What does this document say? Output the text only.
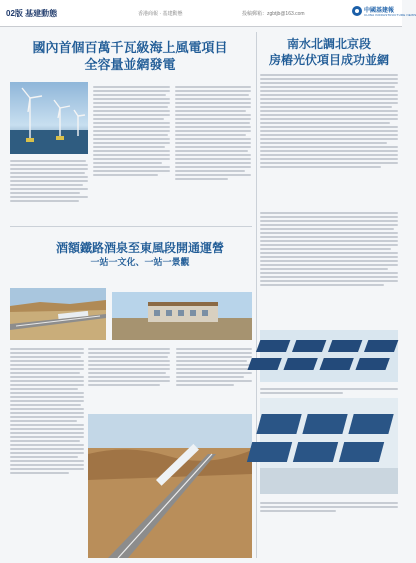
02版 基建動態	香港商報 · 基建動態	投稿郵箱：zgbtjb@163.com	中國基建報
CHINA INFRASTRUCTURE NEWS
國內首個百萬千瓦級海上風電項目
全容量並網發電
酒額鐵路酒泉至東風段開通運營
一站一文化、一站一景觀
南水北調北京段
房樁光伏項目成功並網
